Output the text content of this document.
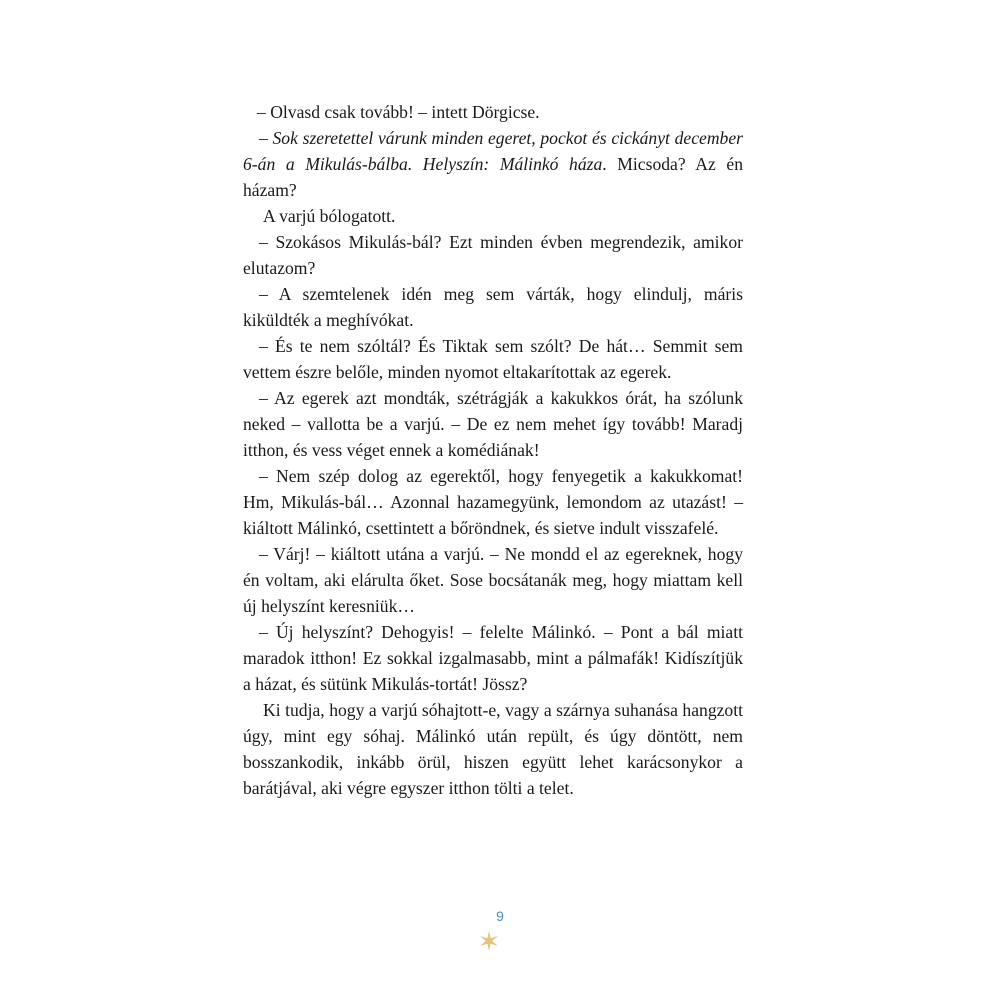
– Olvasd csak tovább! – intett Dörgicse.

– Sok szeretettel várunk minden egeret, pockot és cickányt december 6-án a Mikulás-bálba. Helyszín: Málinkó háza. Micsoda? Az én házam?

A varjú bólogatott.

– Szokásos Mikulás-bál? Ezt minden évben megrendezik, amikor elutazom?

– A szemtelenek idén meg sem várták, hogy elindulj, máris kiküldték a meghívókat.

– És te nem szóltál? És Tiktak sem szólt? De hát… Semmit sem vettem észre belőle, minden nyomot eltakarítottak az egerek.

– Az egerek azt mondták, szétrágják a kakukkos órát, ha szólunk neked – vallotta be a varjú. – De ez nem mehet így tovább! Maradj itthon, és vess véget ennek a komédiának!

– Nem szép dolog az egerektől, hogy fenyegetik a kakukkomat! Hm, Mikulás-bál… Azonnal hazamegyünk, lemondom az utazást! – kiáltott Málinkó, csettintett a bőröndnek, és sietve indult visszafelé.

– Várj! – kiáltott utána a varjú. – Ne mondd el az egereknek, hogy én voltam, aki elárulta őket. Sose bocsátanák meg, hogy miattam kell új helyszínt keresniük…

– Új helyszínt? Dehogyis! – felelte Málinkó. – Pont a bál miatt maradok itthon! Ez sokkal izgalmasabb, mint a pálmafák! Kidíszítjük a házat, és sütünk Mikulás-tortát! Jössz?

Ki tudja, hogy a varjú sóhajtott-e, vagy a szárnya suhanása hangzott úgy, mint egy sóhaj. Málinkó után repült, és úgy döntött, nem bosszankodik, inkább örül, hiszen együtt lehet karácsonykor a barátjával, aki végre egyszer itthon tölti a telet.

9
